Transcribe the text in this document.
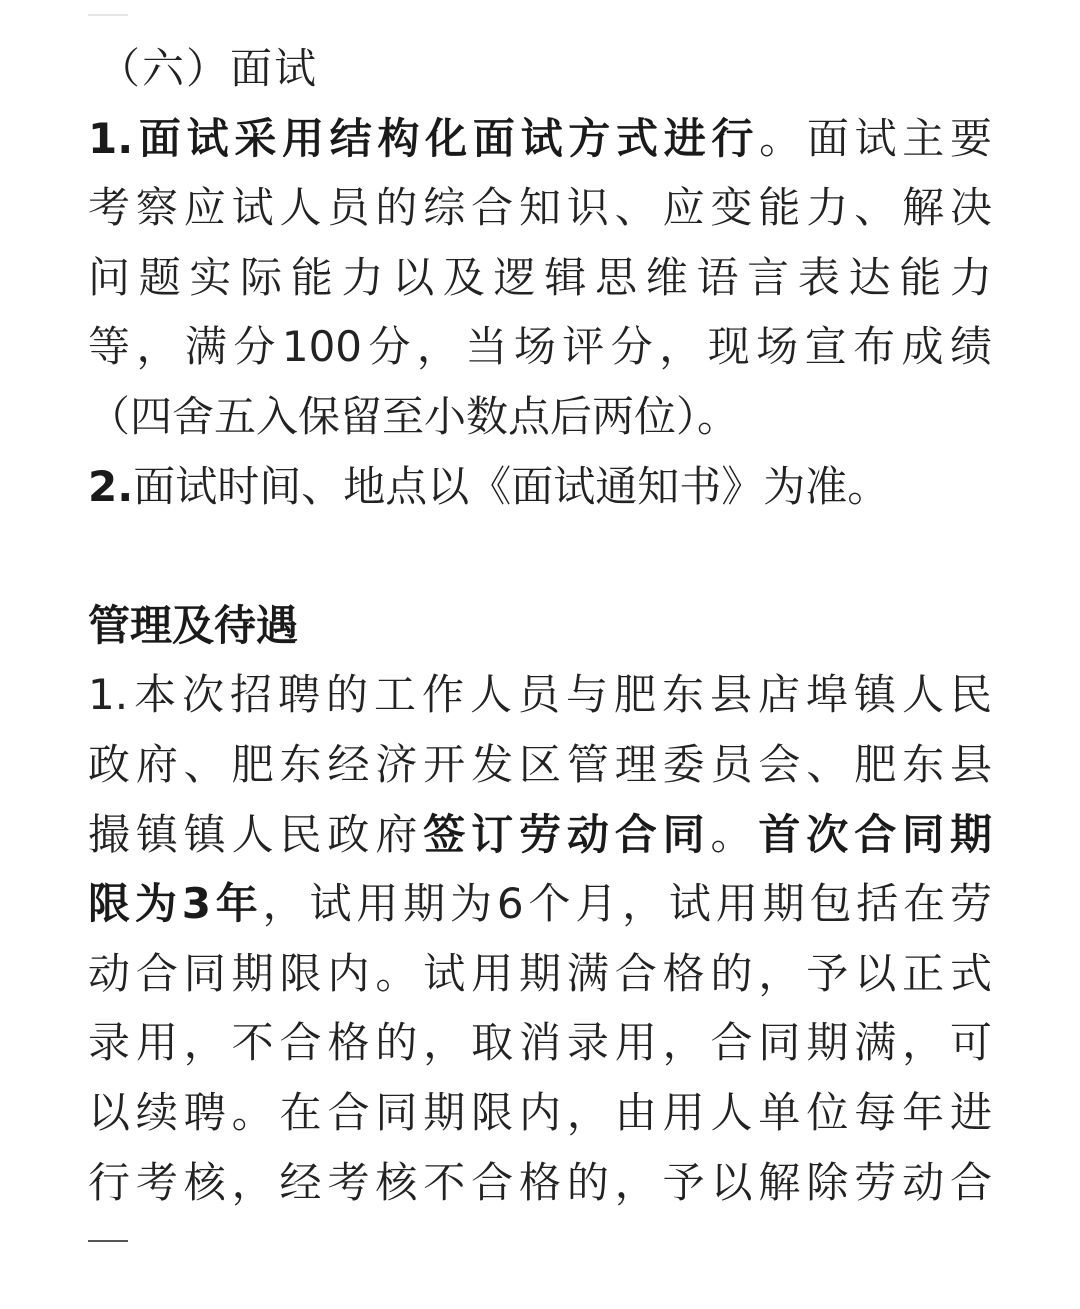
（六）面试
1.面试采用结构化面试方式进行。面试主要
考察应试人员的综合知识、应变能力、解决
问题实际能力以及逻辑思维语言表达能力
等，满分100分，当场评分，现场宣布成绩
（四舍五入保留至小数点后两位）。
2.面试时间、地点以《面试通知书》为准。
管理及待遇
1.本次招聘的工作人员与肥东县店埠镇人民
政府、肥东经济开发区管理委员会、肥东县
撮镇镇人民政府签订劳动合同。首次合同期
限为3年，试用期为6个月，试用期包括在劳
动合同期限内。试用期满合格的，予以正式
录用，不合格的，取消录用，合同期满，可
以续聘。在合同期限内，由用人单位每年进
行考核，经考核不合格的，予以解除劳动合
